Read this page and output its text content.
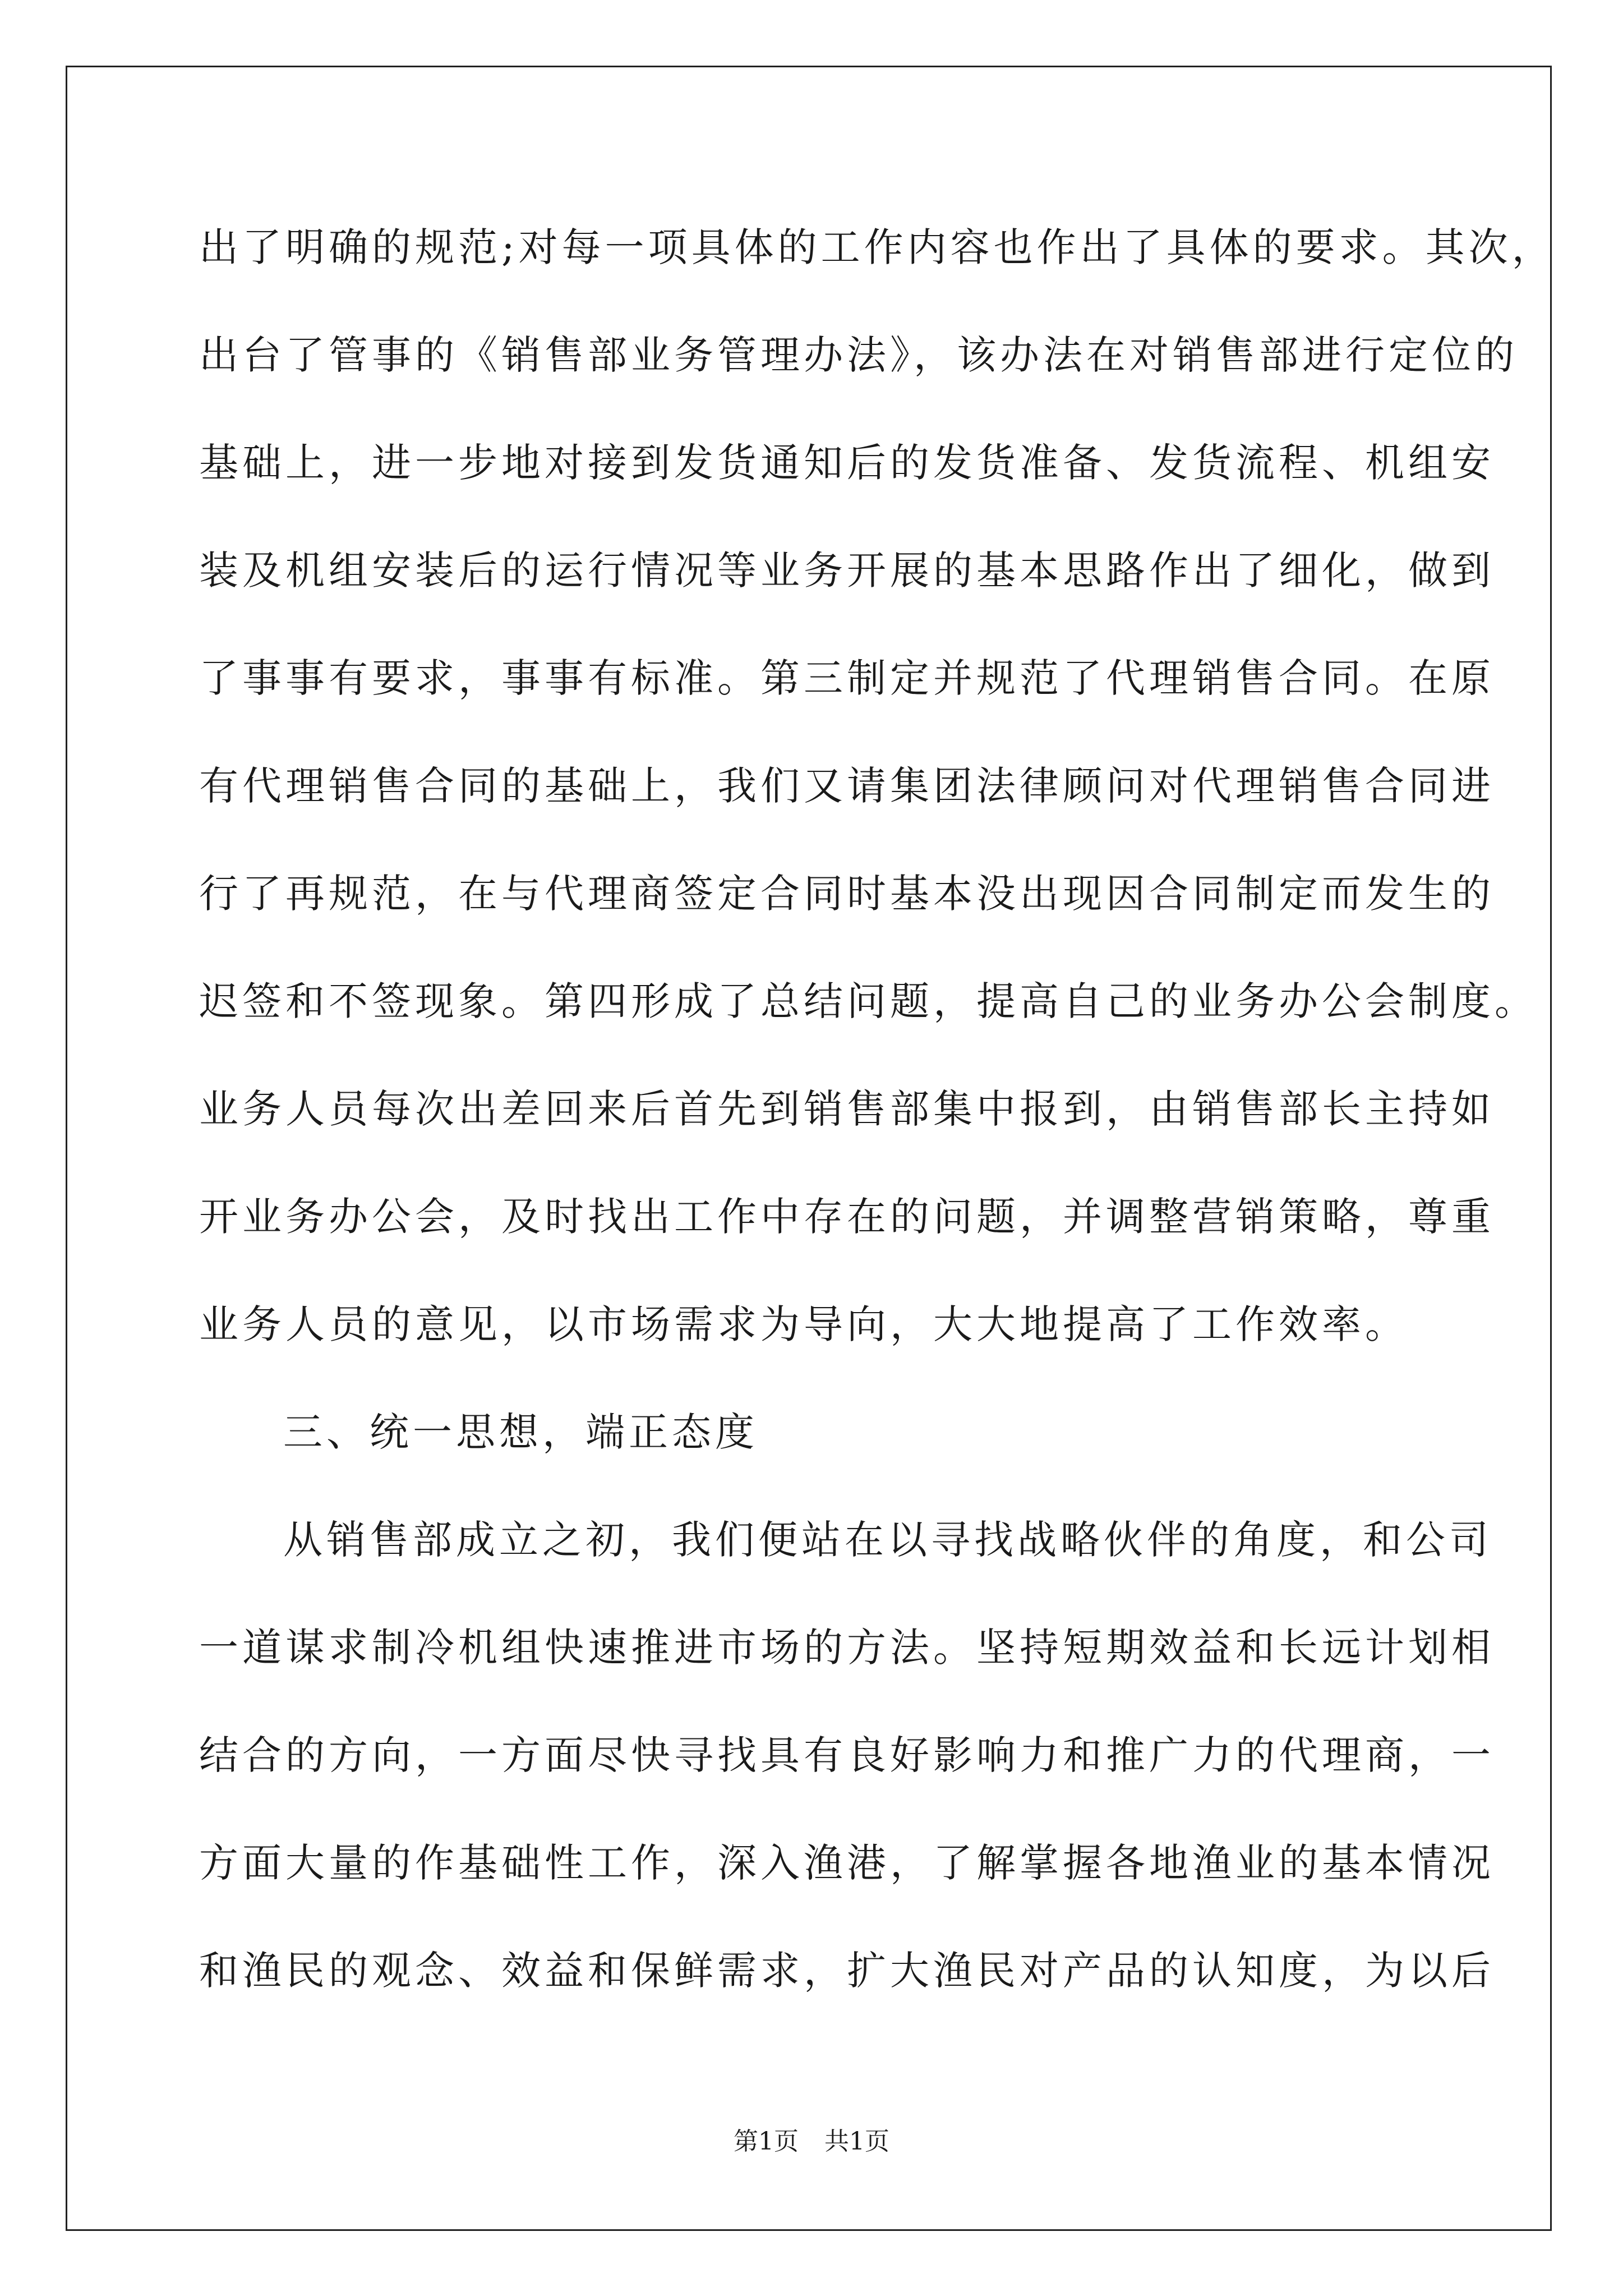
出了明确的规范;对每一项具体的工作内容也作出了具体的要求。其次，
出台了管事的《销售部业务管理办法》，该办法在对销售部进行定位的
基础上，进一步地对接到发货通知后的发货准备、发货流程、机组安
装及机组安装后的运行情况等业务开展的基本思路作出了细化，做到
了事事有要求，事事有标准。第三制定并规范了代理销售合同。在原
有代理销售合同的基础上，我们又请集团法律顾问对代理销售合同进
行了再规范，在与代理商签定合同时基本没出现因合同制定而发生的
迟签和不签现象。第四形成了总结问题，提高自己的业务办公会制度。
业务人员每次出差回来后首先到销售部集中报到，由销售部长主持如
开业务办公会，及时找出工作中存在的问题，并调整营销策略，尊重
业务人员的意见，以市场需求为导向，大大地提高了工作效率。
三、统一思想，端正态度
从销售部成立之初，我们便站在以寻找战略伙伴的角度，和公司
一道谋求制冷机组快速推进市场的方法。坚持短期效益和长远计划相
结合的方向，一方面尽快寻找具有良好影响力和推广力的代理商，一
方面大量的作基础性工作，深入渔港，了解掌握各地渔业的基本情况
和渔民的观念、效益和保鲜需求，扩大渔民对产品的认知度，为以后
第1页 共1页
